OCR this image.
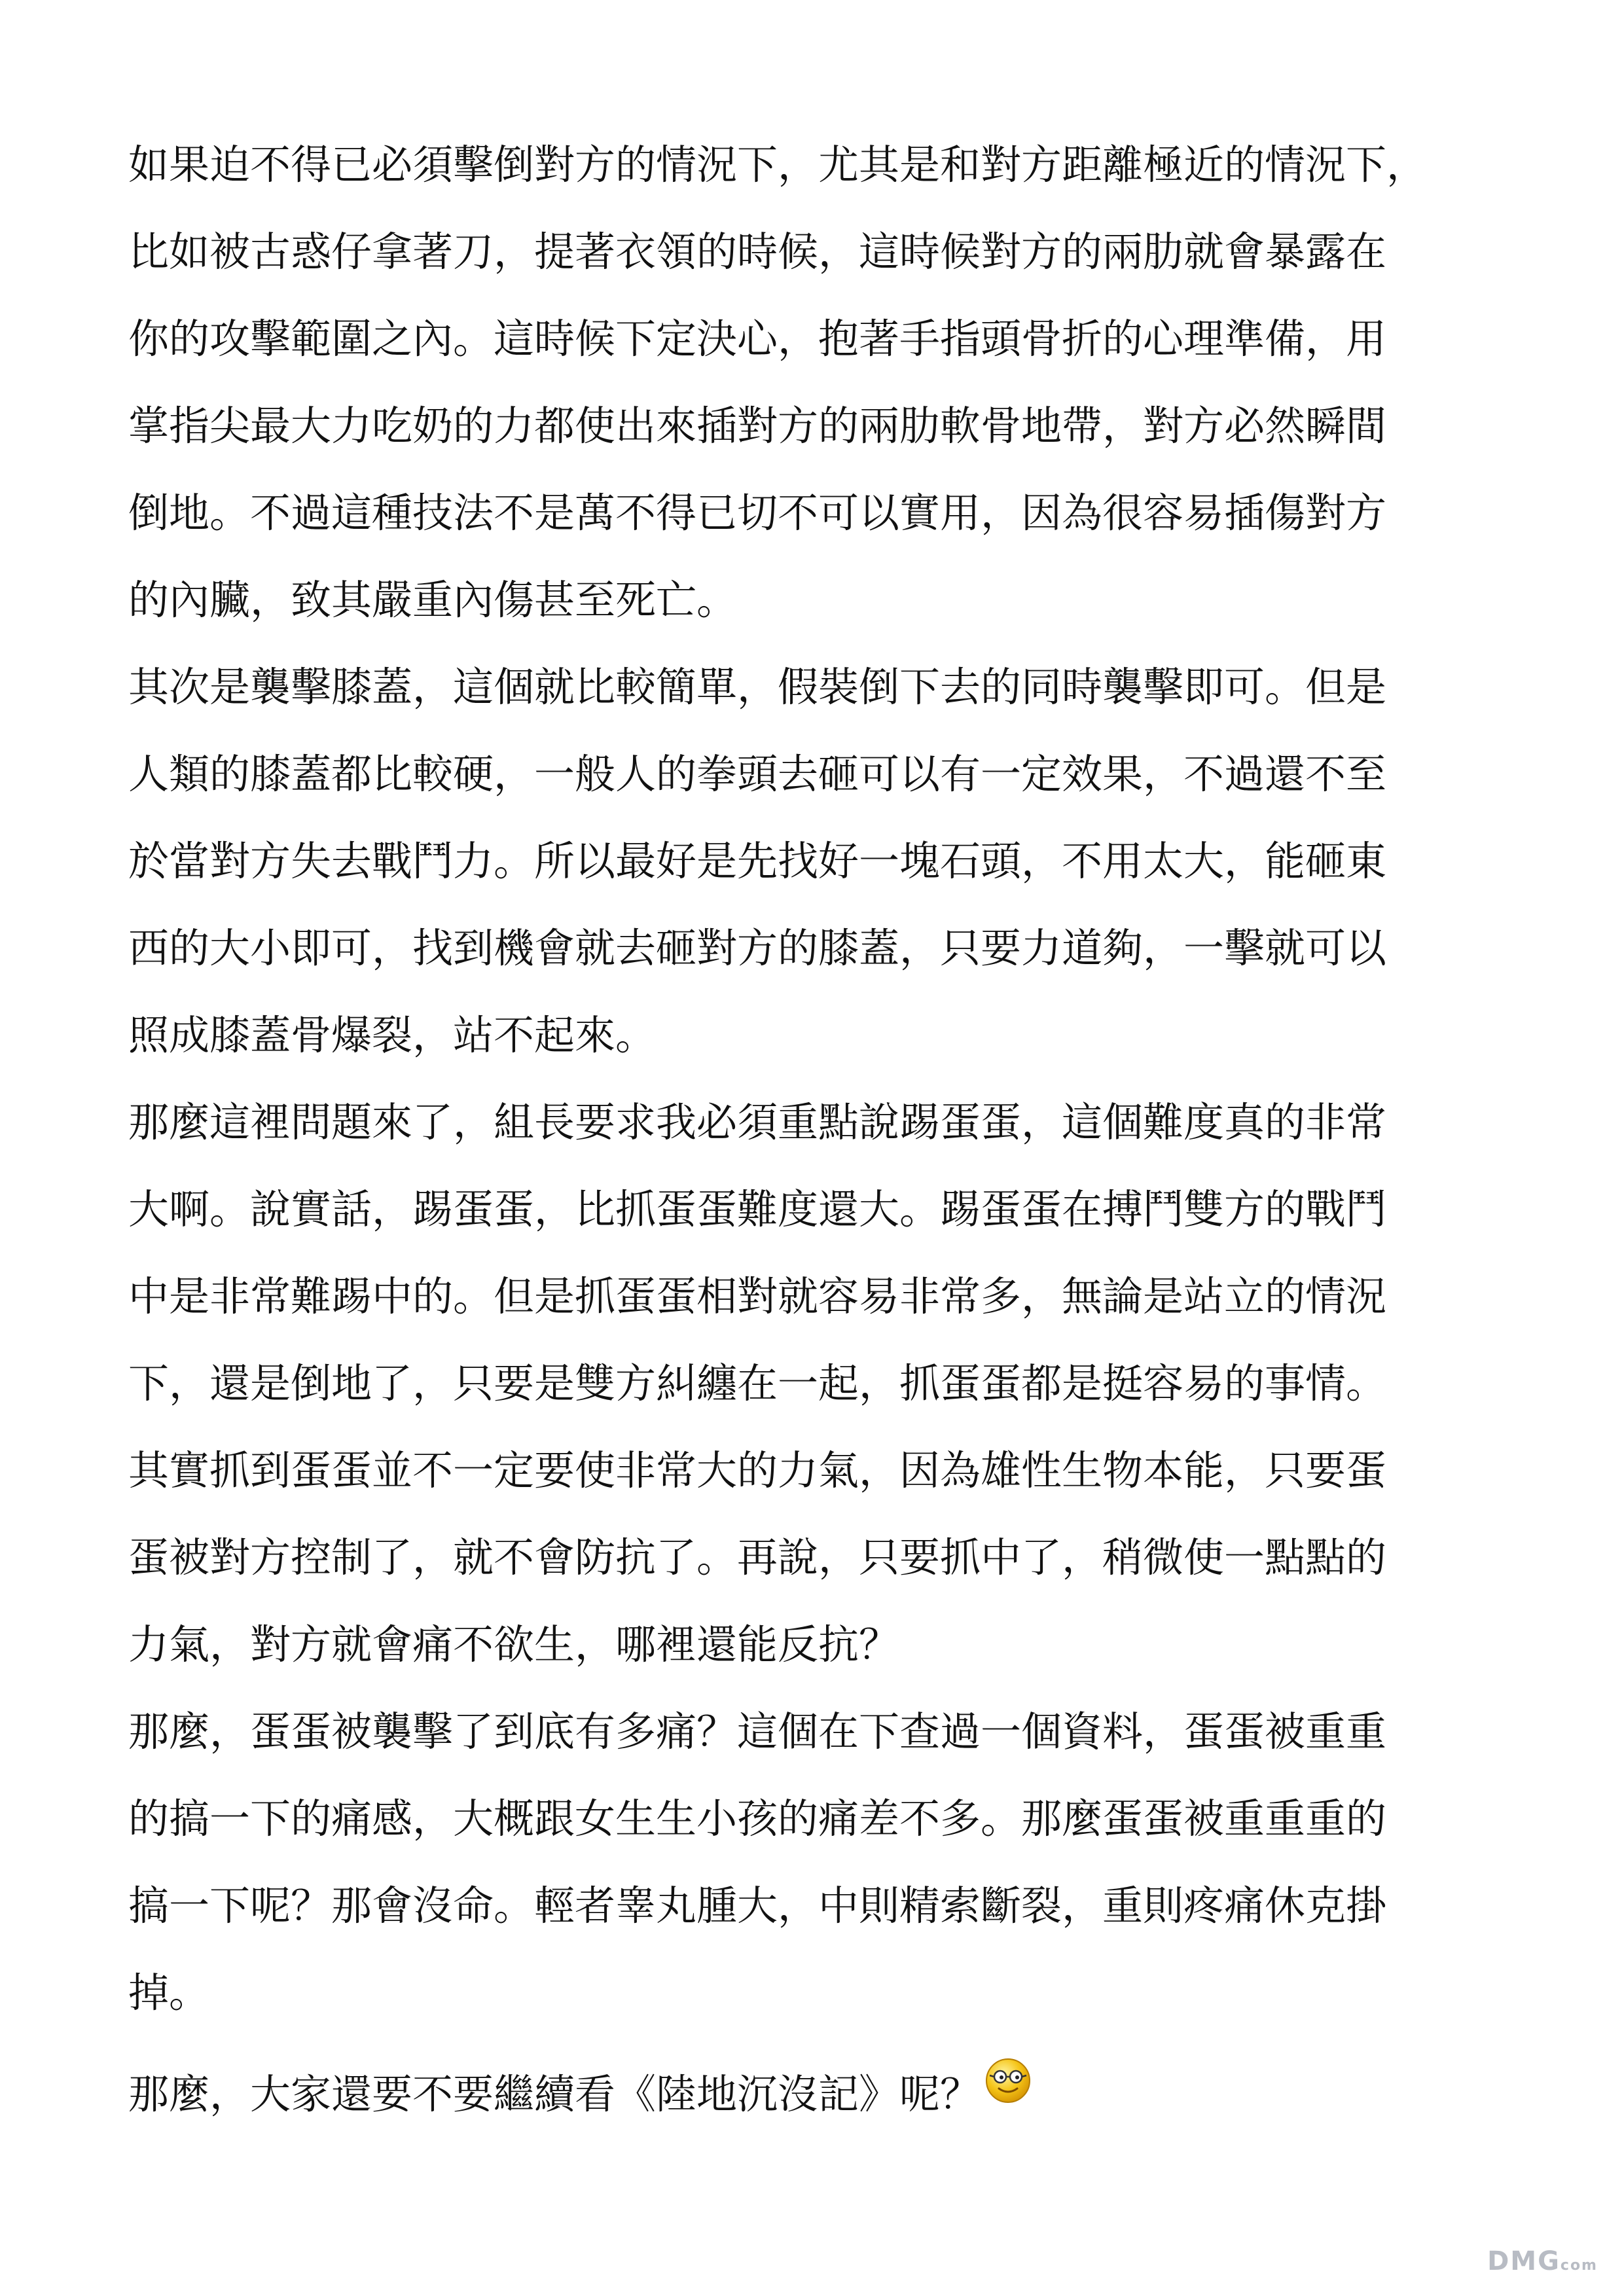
如果迫不得已必須擊倒對方的情況下，尤其是和對方距離極近的情況下，
比如被古惑仔拿著刀，提著衣領的時候，這時候對方的兩肋就會暴露在
你的攻擊範圍之內。這時候下定決心，抱著手指頭骨折的心理準備，用
掌指尖最大力吃奶的力都使出來插對方的兩肋軟骨地帶，對方必然瞬間
倒地。不過這種技法不是萬不得已切不可以實用，因為很容易插傷對方
的內臟，致其嚴重內傷甚至死亡。
其次是襲擊膝蓋，這個就比較簡單，假裝倒下去的同時襲擊即可。但是
人類的膝蓋都比較硬，一般人的拳頭去砸可以有一定效果，不過還不至
於當對方失去戰鬥力。所以最好是先找好一塊石頭，不用太大，能砸東
西的大小即可，找到機會就去砸對方的膝蓋，只要力道夠，一擊就可以
照成膝蓋骨爆裂，站不起來。
那麼這裡問題來了，組長要求我必須重點說踢蛋蛋，這個難度真的非常
大啊。說實話，踢蛋蛋，比抓蛋蛋難度還大。踢蛋蛋在搏鬥雙方的戰鬥
中是非常難踢中的。但是抓蛋蛋相對就容易非常多，無論是站立的情況
下，還是倒地了，只要是雙方糾纏在一起，抓蛋蛋都是挺容易的事情。
其實抓到蛋蛋並不一定要使非常大的力氣，因為雄性生物本能，只要蛋
蛋被對方控制了，就不會防抗了。再說，只要抓中了，稍微使一點點的
力氣，對方就會痛不欲生，哪裡還能反抗？
那麼，蛋蛋被襲擊了到底有多痛？這個在下查過一個資料，蛋蛋被重重
的搞一下的痛感，大概跟女生生小孩的痛差不多。那麼蛋蛋被重重重的
搞一下呢？那會沒命。輕者睾丸腫大，中則精索斷裂，重則疼痛休克掛
掉。
那麼，大家還要不要繼續看《陸地沉沒記》呢？
DMGcom
